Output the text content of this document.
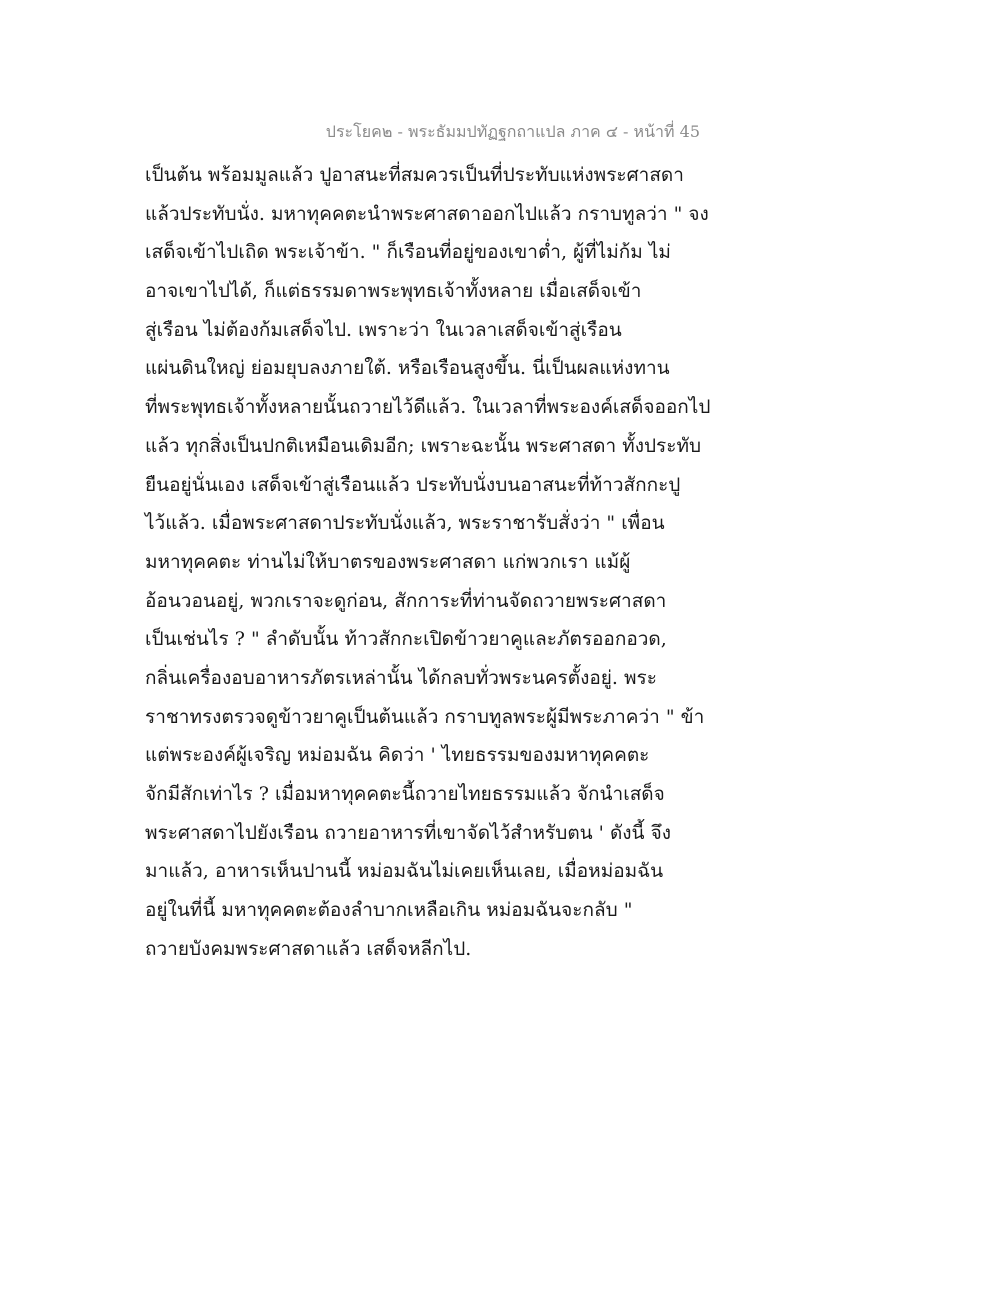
ประโยค๒ - พระธัมมปทัฏฐกถาแปล ภาค ๔ - หน้าที่ 45
เป็นต้น พร้อมมูลแล้ว ปูอาสนะที่สมควรเป็นที่ประทับแห่งพระศาสดา
แล้วประทับนั่ง. มหาทุคคตะนำพระศาสดาออกไปแล้ว กราบทูลว่า " จง
เสด็จเข้าไปเถิด พระเจ้าข้า. " ก็เรือนที่อยู่ของเขาต่ำ, ผู้ที่ไม่ก้ม ไม่
อาจเขาไปได้, ก็แต่ธรรมดาพระพุทธเจ้าทั้งหลาย เมื่อเสด็จเข้า
สู่เรือน ไม่ต้องก้มเสด็จไป. เพราะว่า ในเวลาเสด็จเข้าสู่เรือน
แผ่นดินใหญ่ ย่อมยุบลงภายใต้. หรือเรือนสูงขึ้น. นี่เป็นผลแห่งทาน
ที่พระพุทธเจ้าทั้งหลายนั้นถวายไว้ดีแล้ว. ในเวลาที่พระองค์เสด็จออกไป
แล้ว ทุกสิ่งเป็นปกติเหมือนเดิมอีก; เพราะฉะนั้น พระศาสดา ทั้งประทับ
ยืนอยู่นั่นเอง เสด็จเข้าสู่เรือนแล้ว ประทับนั่งบนอาสนะที่ท้าวสักกะปู
ไว้แล้ว. เมื่อพระศาสดาประทับนั่งแล้ว, พระราชารับสั่งว่า " เพื่อน
มหาทุคคตะ ท่านไม่ให้บาตรของพระศาสดา แก่พวกเรา แม้ผู้
อ้อนวอนอยู่, พวกเราจะดูก่อน, สักการะที่ท่านจัดถวายพระศาสดา
เป็นเช่นไร ? " ลำดับนั้น ท้าวสักกะเปิดข้าวยาคูและภัตรออกอวด,
กลิ่นเครื่องอบอาหารภัตรเหล่านั้น ได้กลบทั่วพระนครตั้งอยู่. พระ
ราชาทรงตรวจดูข้าวยาคูเป็นต้นแล้ว กราบทูลพระผู้มีพระภาคว่า " ข้า
แต่พระองค์ผู้เจริญ หม่อมฉัน คิดว่า ' ไทยธรรมของมหาทุคคตะ
จักมีสักเท่าไร ? เมื่อมหาทุคคตะนี้ถวายไทยธรรมแล้ว จักนำเสด็จ
พระศาสดาไปยังเรือน ถวายอาหารที่เขาจัดไว้สำหรับตน ' ดังนี้ จึง
มาแล้ว, อาหารเห็นปานนี้ หม่อมฉันไม่เคยเห็นเลย, เมื่อหม่อมฉัน
อยู่ในที่นี้ มหาทุคคตะต้องลำบากเหลือเกิน หม่อมฉันจะกลับ "
ถวายบังคมพระศาสดาแล้ว เสด็จหลีกไป.
